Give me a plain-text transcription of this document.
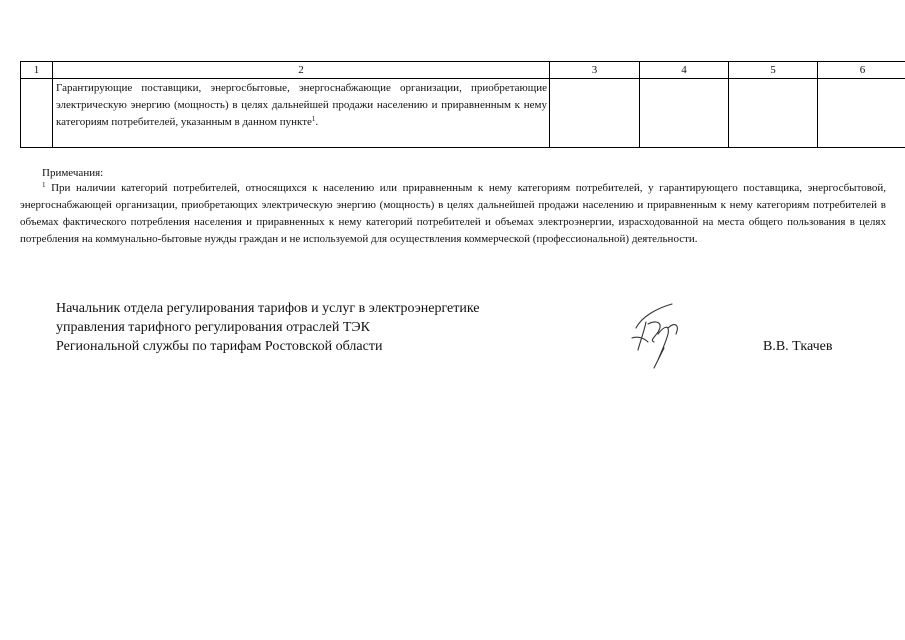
1	2	3	4	5	6

	Гарантирующие поставщики, энергосбытовые, энергоснабжающие организации, приобретающие электрическую энергию (мощность) в целях дальнейшей продажи населению и приравненным к нему категориям потребителей, указанным в данном пункте$^1$.				

Примечания:
$^1$ При наличии категорий потребителей, относящихся к населению или приравненным к нему категориям потребителей, у гарантирующего поставщика, энергосбытовой, энергоснабжающей организации, приобретающих электрическую энергию (мощность) в целях дальнейшей продажи населению и приравненным к нему категориям потребителей в объемах фактического потребления населения и приравненных к нему категорий потребителей и объемах электроэнергии, израсходованной на места общего пользования в целях потребления на коммунально-бытовые нужды граждан и не используемой для осуществления коммерческой (профессиональной) деятельности.
Начальник отдела регулирования тарифов и услуг в электроэнергетике
управления тарифного регулирования отраслей ТЭК
Региональной службы по тарифам Ростовской области	В.В. Ткачев
